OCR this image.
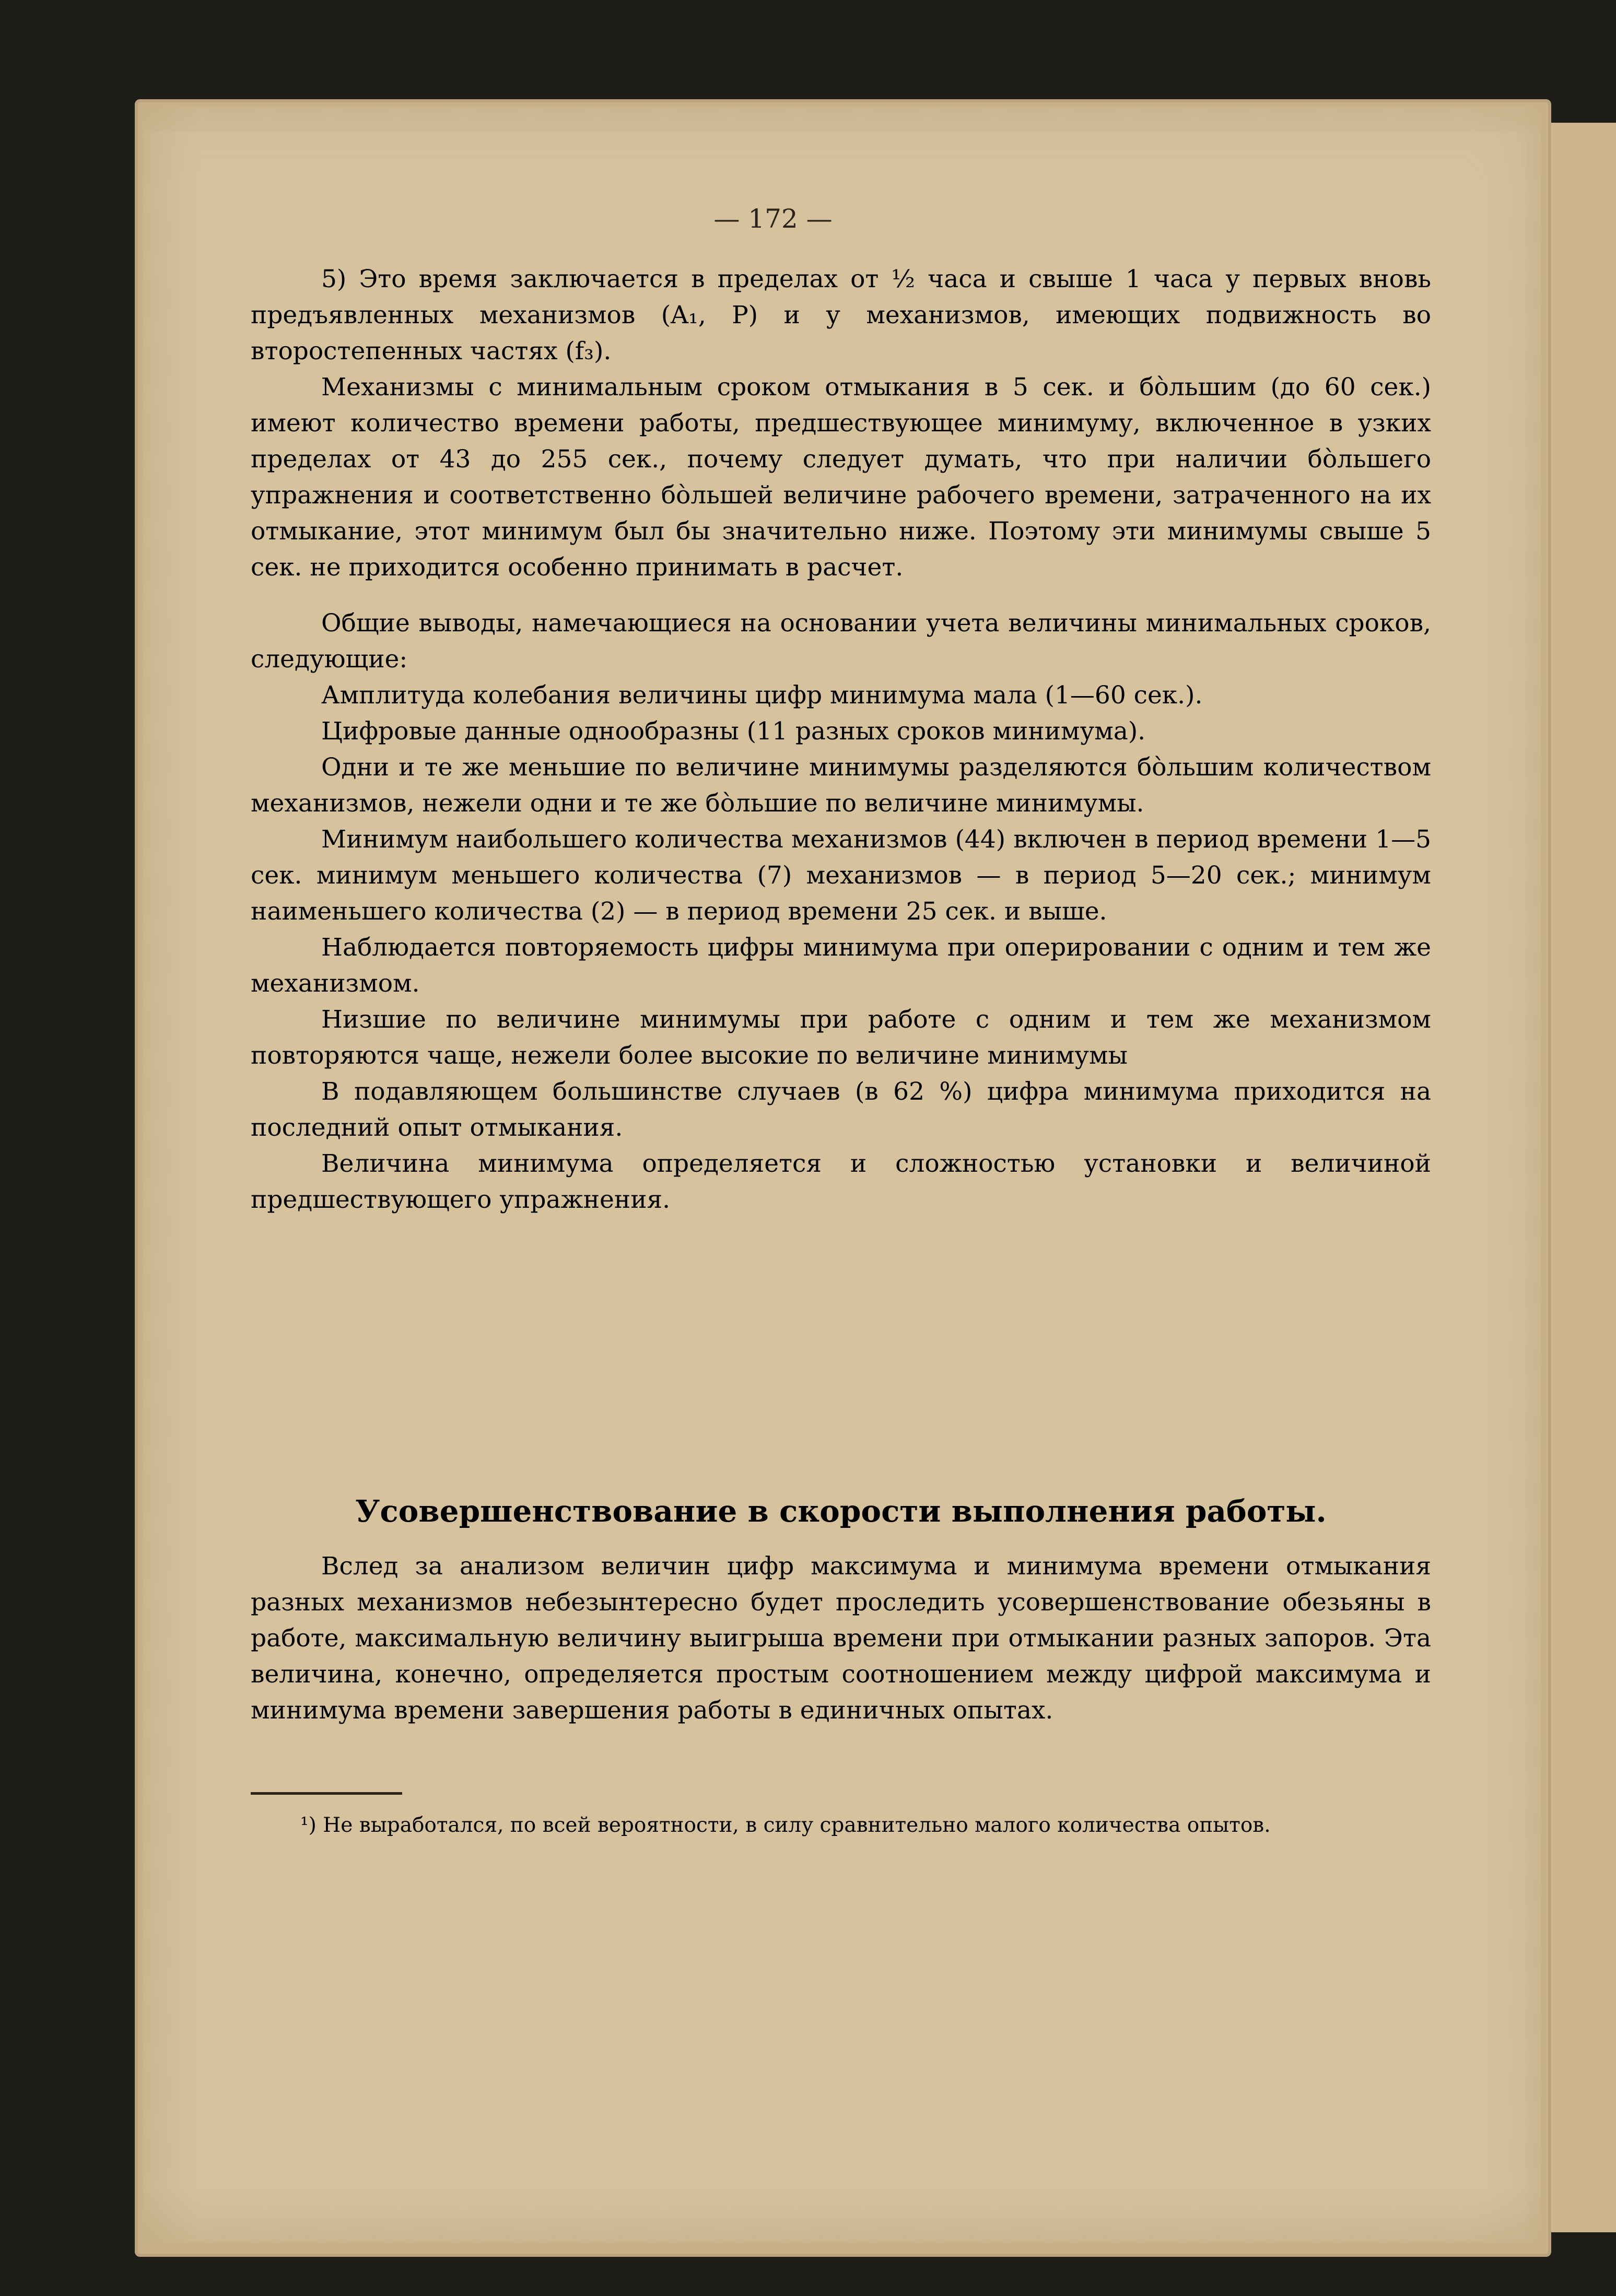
— 172 —

5) Это время заключается в пределах от ½ часа и свыше 1 часа у первых вновь предъявленных механизмов (A₁, P) и у механизмов, имеющих подвижность во второстепенных частях (f₃).

Механизмы с минимальным сроком отмыкания в 5 сек. и бо̀льшим (до 60 сек.) имеют количество времени работы, предшествующее минимуму, включенное в узких пределах от 43 до 255 сек., почему следует думать, что при наличии бо̀льшего упражнения и соответственно бо̀льшей величине рабочего времени, затраченного на их отмыкание, этот минимум был бы значительно ниже. Поэтому эти минимумы свыше 5 сек. не приходится особенно принимать в расчет.

Общие выводы, намечающиеся на основании учета величины минимальных сроков, следующие:

Амплитуда колебания величины цифр минимума мала (1—60 сек.).

Цифровые данные однообразны (11 разных сроков минимума).

Одни и те же меньшие по величине минимумы разделяются бо̀льшим количеством механизмов, нежели одни и те же бо̀льшие по величине минимумы.

Минимум наибольшего количества механизмов (44) включен в период времени 1—5 сек. минимум меньшего количества (7) механизмов — в период 5—20 сек.; минимум наименьшего количества (2) — в период времени 25 сек. и выше.

Наблюдается повторяемость цифры минимума при оперировании с одним и тем же механизмом.

Низшие по величине минимумы при работе с одним и тем же механизмом повторяются чаще, нежели более высокие по величине минимумы

В подавляющем большинстве случаев (в 62 %) цифра минимума приходится на последний опыт отмыкания.

Величина минимума определяется и сложностью установки и величиной предшествующего упражнения.

Усовершенствование в скорости выполнения работы.

Вслед за анализом величин цифр максимума и минимума времени отмыкания разных механизмов небезынтересно будет проследить усовершенствование обезьяны в работе, максимальную величину выигрыша времени при отмыкании разных запоров. Эта величина, конечно, определяется простым соотношением между цифрой максимума и минимума времени завершения работы в единичных опытах.

¹) Не выработался, по всей вероятности, в силу сравнительно малого количества опытов.
